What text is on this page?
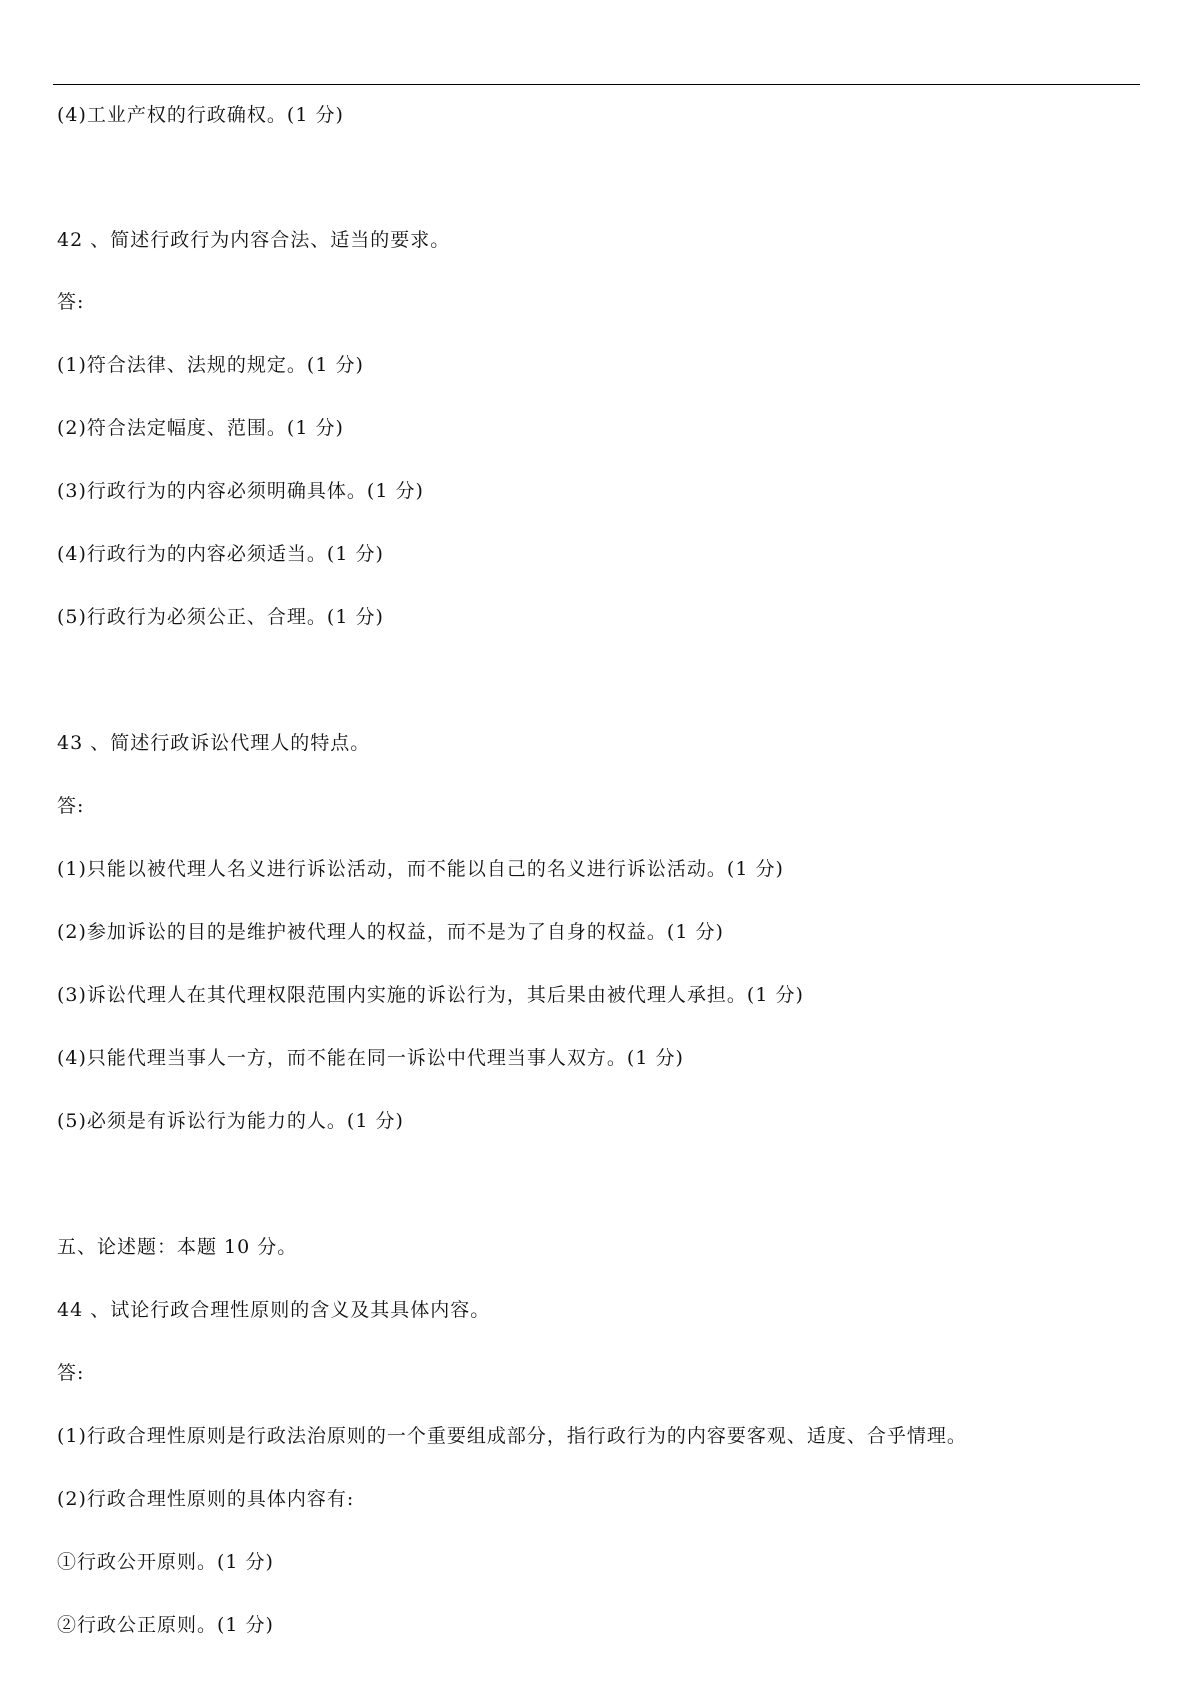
(4)工业产权的行政确权。(1 分)
42 、简述行政行为内容合法、适当的要求。
答:
(1)符合法律、法规的规定。(1 分)
(2)符合法定幅度、范围。(1 分)
(3)行政行为的内容必须明确具体。(1 分)
(4)行政行为的内容必须适当。(1 分)
(5)行政行为必须公正、合理。(1 分)
43 、简述行政诉讼代理人的特点。
答:
(1)只能以被代理人名义进行诉讼活动，而不能以自己的名义进行诉讼活动。(1 分)
(2)参加诉讼的目的是维护被代理人的权益，而不是为了自身的权益。(1 分)
(3)诉讼代理人在其代理权限范围内实施的诉讼行为，其后果由被代理人承担。(1 分)
(4)只能代理当事人一方，而不能在同一诉讼中代理当事人双方。(1 分)
(5)必须是有诉讼行为能力的人。(1 分)
五、论述题：本题 10 分。
44 、试论行政合理性原则的含义及其具体内容。
答:
(1)行政合理性原则是行政法治原则的一个重要组成部分，指行政行为的内容要客观、适度、合乎情理。
(2)行政合理性原则的具体内容有:
①行政公开原则。(1 分)
②行政公正原则。(1 分)
